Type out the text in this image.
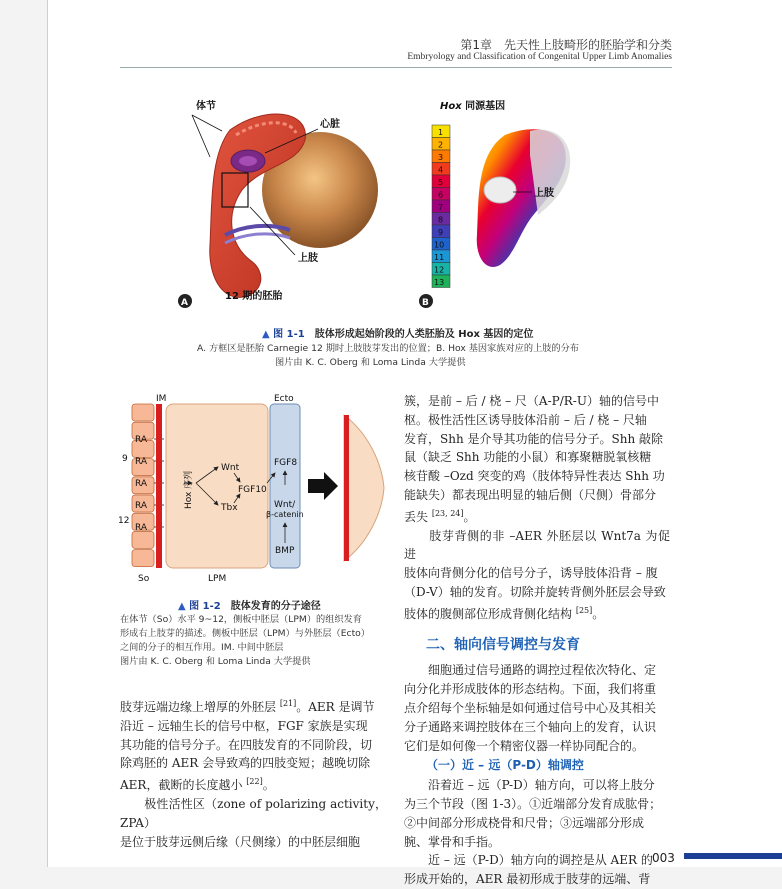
第1章　先天性上肢畸形的胚胎学和分类
Embryology and Classification of Congenital Upper Limb Anomalies
体节
心脏
上肢
12 期的胚胎
A
Hox 同源基因
1
2
3
4
5
6
7
8
9
10
11
12
13
上肢
B
▲ 图 1-1　 肢体形成起始阶段的人类胚胎及 Hox 基因的定位
A. 方框区是胚胎 Carnegie 12 期时上肢肢芽发出的位置；B. Hox 基因家族对应的上肢的分布
图片由 K. C. Oberg 和 Loma Linda 大学提供
IM	Ecto
RA
RA
RA
RA
RA
9
12
So	LPM
Hox 序列
Wnt
Tbx
FGF10
FGF8
Wnt/
β-catenin
BMP
▲ 图 1-2　 肢体发育的分子途径
在体节（So）水平 9~12，侧板中胚层（LPM）的组织发育
形成右上肢芽的描述。侧板中胚层（LPM）与外胚层（Ecto）
之间的分子的相互作用。IM. 中间中胚层
图片由 K. C. Oberg 和 Loma Linda 大学提供

肢芽远端边缘上增厚的外胚层 [21]。AER 是调节

沿近 – 远轴生长的信号中枢，FGF 家族是实现

其功能的信号分子。在四肢发育的不同阶段，切

除鸡胚的 AER 会导致鸡的四肢变短；越晚切除

AER，截断的长度越小 [22]。

　　极性活性区（zone of polarizing activity，ZPA）

是位于肢芽远侧后缘（尺侧缘）的中胚层细胞

簇，是前 – 后 / 桡 – 尺（A-P/R-U）轴的信号中

枢。极性活性区诱导肢体沿前 – 后 / 桡 – 尺轴

发育，Shh 是介导其功能的信号分子。Shh 敲除

鼠（缺乏 Shh 功能的小鼠）和寡聚糖脱氧核糖

核苷酸 –Ozd 突变的鸡（肢体特异性表达 Shh 功

能缺失）都表现出明显的轴后侧（尺侧）骨部分

丢失 [23, 24]。

　　肢芽背侧的非 –AER 外胚层以 Wnt7a 为促进

肢体向背侧分化的信号分子，诱导肢体沿背 – 腹

（D-V）轴的发育。切除并旋转背侧外胚层会导致

肢体的腹侧部位形成背侧化结构 [25]。

二、轴向信号调控与发育

　　细胞通过信号通路的调控过程依次特化、定

向分化并形成肢体的形态结构。下面，我们将重

点介绍每个坐标轴是如何通过信号中心及其相关

分子通路来调控肢体在三个轴向上的发育，认识

它们是如何像一个精密仪器一样协同配合的。

（一）近 – 远（P-D）轴调控

　　沿着近 – 远（P-D）轴方向，可以将上肢分

为三个节段（图 1-3）。①近端部分发育成肱骨；

②中间部分形成桡骨和尺骨；③远端部分形成

腕、掌骨和手指。

　　近 – 远（P-D）轴方向的调控是从 AER 的

形成开始的，AER 最初形成于肢芽的远端、背

003
